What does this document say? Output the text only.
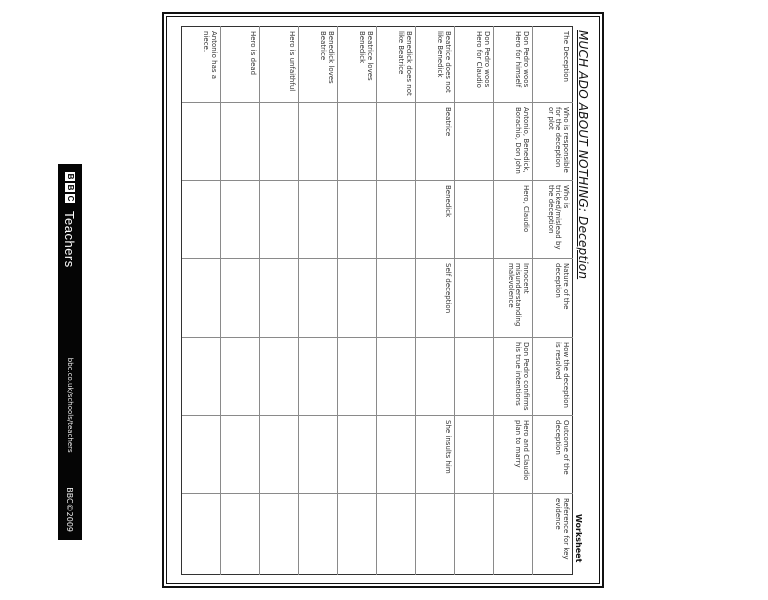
MUCH ADO ABOUT NOTHING: Deception
Worksheet
The Deception	Who is responsible for the deception or plot	Who is tricked/mislead by the deception	Nature of the deception	How the deception is resolved	Outcome of the deception	Reference for key evidence
Don Pedro woos Hero for himself	Antonio, Benedick, Borachio, Don John	Hero, Claudio	Innocent misunderstanding malevolence	Don Pedro confirms his true intentions	Hero and Claudio plan to marry	
Don Pedro woos Hero for Claudio						
Beatrice does not like Benedick	Beatrice	Benedick	Self deception		She insults him	
Benedick does not like Beatrice						
Beatrice loves Benedick						
Benedick loves Beatrice						
Hero is unfaithful						
Hero is dead						
Antonio has a niece.						
B
B
C
Teachers
bbc.co.uk/schools/teachers
BBC©2009
